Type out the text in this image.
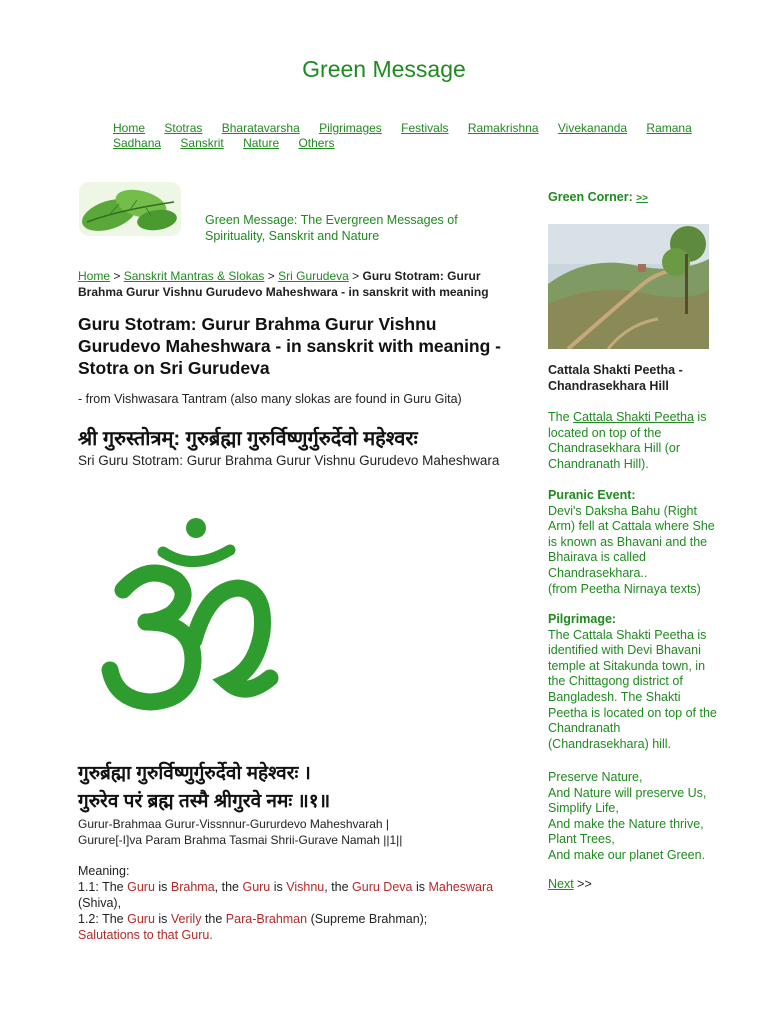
Green Message
Home Stotras Bharatavarsha Pilgrimages Festivals Ramakrishna Vivekananda Ramana
Sadhana Sanskrit Nature Others
Green Message: The Evergreen Messages of Spirituality, Sanskrit and Nature
Home > Sanskrit Mantras & Slokas > Sri Gurudeva > Guru Stotram: Gurur Brahma Gurur Vishnu Gurudevo Maheshwara - in sanskrit with meaning
Guru Stotram: Gurur Brahma Gurur Vishnu Gurudevo Maheshwara - in sanskrit with meaning - Stotra on Sri Gurudeva
- from Vishwasara Tantram (also many slokas are found in Guru Gita)
श्री गुरुस्तोत्रम्: गुरुर्ब्रह्मा गुरुर्विष्णुर्गुरुर्देवो महेश्वरः
Sri Guru Stotram: Gurur Brahma Gurur Vishnu Gurudevo Maheshwara
गुरुर्ब्रह्मा गुरुर्विष्णुर्गुरुर्देवो महेश्वरः ।
गुरुरेव परं ब्रह्म तस्मै श्रीगुरवे नमः ॥१॥
Gurur-Brahmaa Gurur-Vissnnur-Gururdevo Maheshvarah |
Gurure[-I]va Param Brahma Tasmai Shrii-Gurave Namah ||1||
Meaning:
1.1: The Guru is Brahma, the Guru is Vishnu, the Guru Deva is Maheswara (Shiva),
1.2: The Guru is Verily the Para-Brahman (Supreme Brahman);
Salutations to that Guru.
Green Corner: >>
Cattala Shakti Peetha - Chandrasekhara Hill
The Cattala Shakti Peetha is located on top of the Chandrasekhara Hill (or Chandranath Hill).
Puranic Event:
Devi's Daksha Bahu (Right Arm) fell at Cattala where She is known as Bhavani and the Bhairava is called Chandrasekhara..
(from Peetha Nirnaya texts)
Pilgrimage:
The Cattala Shakti Peetha is identified with Devi Bhavani temple at Sitakunda town, in the Chittagong district of Bangladesh. The Shakti Peetha is located on top of the Chandranath (Chandrasekhara) hill.
Preserve Nature,
And Nature will preserve Us,
Simplify Life,
And make the Nature thrive,
Plant Trees,
And make our planet Green.
Next >>
